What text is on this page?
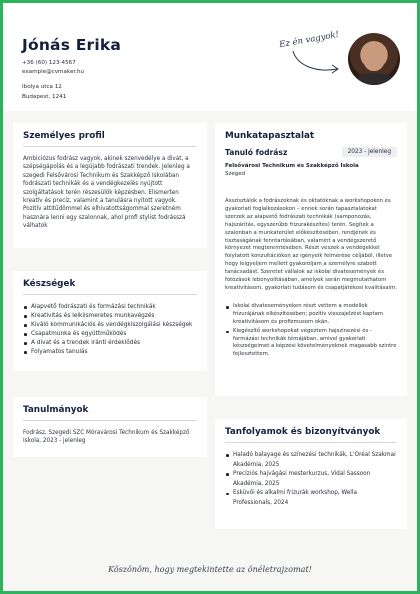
Jónás Erika
+36 (60) 123-4567
example@cvmaker.hu
Ibolya utca 12
Budapest, 1241
Ez én vagyok!
Személyes profil
Ambiciózus fodrász vagyok, akinek szenvedélye a divat, a szépségápolás és a legújabb fodrászati trendek. Jelenleg a szegedi Felsővárosi Technikum és Szakképző Iskolában fodrászati technikák és a vendégkezelés nyújtott szolgáltatások terén részesülök képzésben. Elismerten kreatív és precíz, valamint a tanulásra nyitott vagyok. Pozitív attitűdömmel és elhivatottságommal szeretném hasznára lenni egy szalonnak, ahol profi stylist fodrásszá válhatok
Készségek
Alapvető fodrászati és formázási technikák
Kreativitás és lelkiismeretes munkavégzés
Kiváló kommunikációs és vendégkiszolgálási készségek
Csapatmunka és együttműködés
A divat és a trendek iránti érdeklődés
Folyamatos tanulás
Tanulmányok
Fodrász, Szegedi SZC Móravárosi Technikum és Szakképző Iskola, 2023 - jelenleg
Munkatapasztalat
Tanuló fodrász	2023 - jelenleg
Felsővárosi Technikum és Szakképző Iskola
Szeged
Asszisztálok a fodrászoknak és oktatóknak a workshopokon és gyakorlati foglalkozásokon – ennek során tapasztalatokat szerzek az alapvető fodrászati technikák (samponozás, hajszárítás, egyszerűbb frizurakészítés) terén. Segítek a szalonban a munkaterület előkészítésében, rendjének és tisztaságának fenntartásában, valamint a vendégszerető környezet megteremtésében. Részt veszek a vendégekkel folytatott konzultációkon az igényeik felmérése céljából, illetve hogy leigyeljem mellett gyakoroljam a személyre szabott tanácsadást. Szeretet vállalok az iskolai divatesemények és fotózások lebonyolításában, amelyek során megmutathatom kreativitásom, gyakorlati tudásom és csapatjátékosi kvalitásaim.
Iskolai divateseményeken részt vettem a modellek frizurájának elkészítésében; pozitív visszajelzést kaptam kreativitásom és profizmusom okán.
Kiegészítő workshopokat végeztem hajszínezési és -formázási technikák témájában, amivel gyakorlati készségeimet a képzési követelményeknek magasabb szintre fejlesztettem.
Tanfolyamok és bizonyítványok
Haladó balayage és színezési technikák, L’Oréal Szakmai Akadémia, 2025
Precíziós hajvágási mesterkurzus, Vidal Sassoon Akadémia, 2025
Esküvői és alkalmi frizurák workshop, Wella Professionals, 2024
Köszönöm, hogy megtekintette az önéletrajzomat!
